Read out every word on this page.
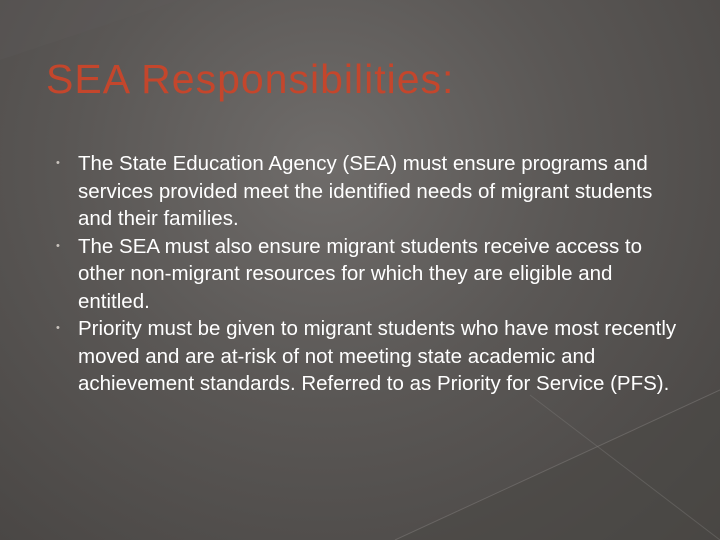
SEA Responsibilities:
• The State Education Agency (SEA) must ensure programs and services provided meet the identified needs of migrant students and their families.
• The SEA must also ensure migrant students receive access to other non-migrant resources for which they are eligible and entitled.
• Priority must be given to migrant students who have most recently moved and are at-risk of not meeting state academic and achievement standards. Referred to as Priority for Service (PFS).
